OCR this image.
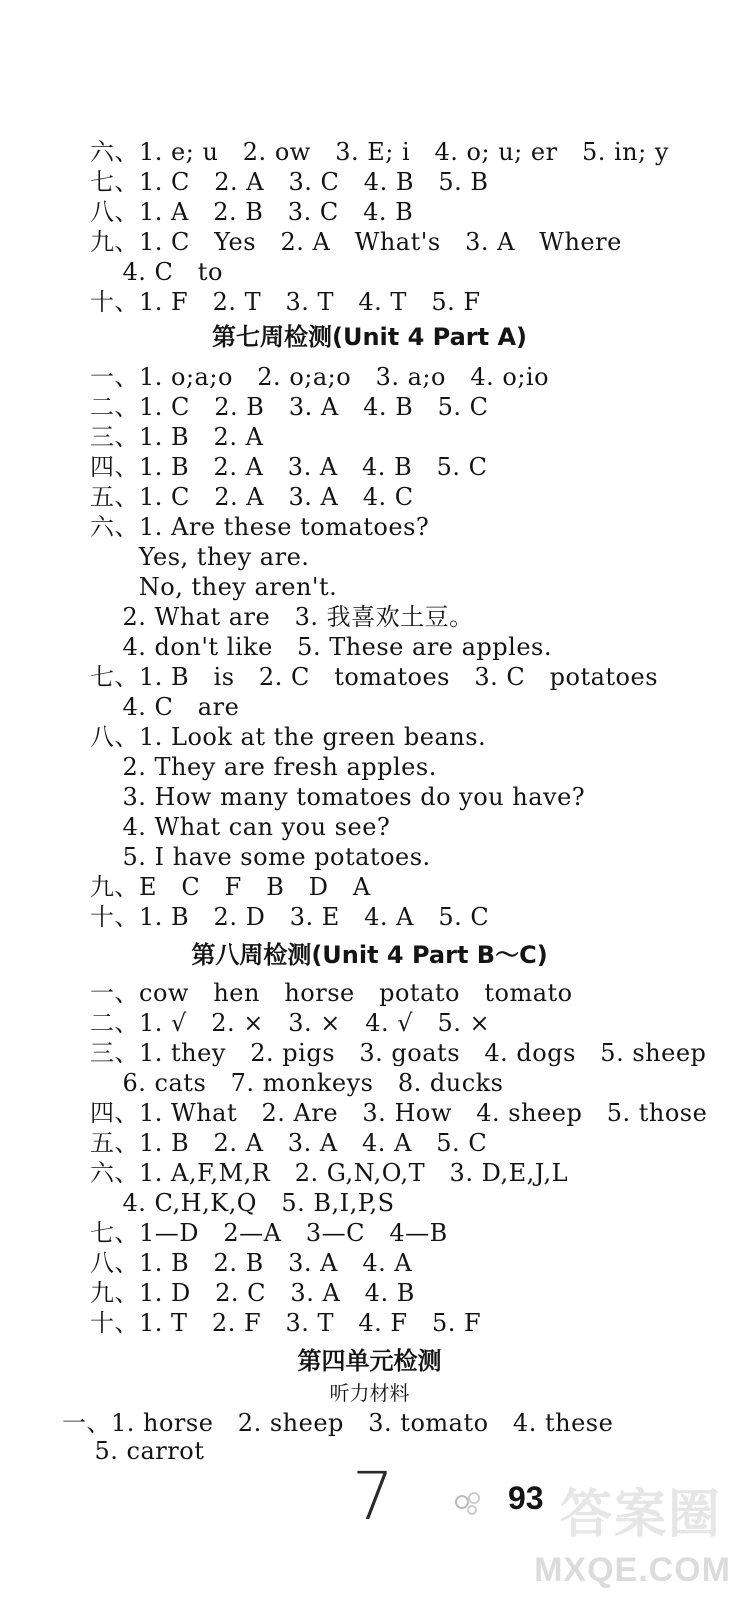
六、1. e; u   2. ow   3. E; i   4. o; u; er   5. in; y
七、1. C   2. A   3. C   4. B   5. B
八、1. A   2. B   3. C   4. B
九、1. C   Yes   2. A   What's   3. A   Where
4. C   to
十、1. F   2. T   3. T   4. T   5. F
第七周检测(Unit 4 Part A)
一、1. o;a;o   2. o;a;o   3. a;o   4. o;io
二、1. C   2. B   3. A   4. B   5. C
三、1. B   2. A
四、1. B   2. A   3. A   4. B   5. C
五、1. C   2. A   3. A   4. C
六、1. Are these tomatoes?
Yes, they are.
No, they aren't.
2. What are   3. 我喜欢土豆。
4. don't like   5. These are apples.
七、1. B   is   2. C   tomatoes   3. C   potatoes
4. C   are
八、1. Look at the green beans.
2. They are fresh apples.
3. How many tomatoes do you have?
4. What can you see?
5. I have some potatoes.
九、E   C   F   B   D   A
十、1. B   2. D   3. E   4. A   5. C
第八周检测(Unit 4 Part B～C)
一、cow   hen   horse   potato   tomato
二、1. √   2. ×   3. ×   4. √   5. ×
三、1. they   2. pigs   3. goats   4. dogs   5. sheep
6. cats   7. monkeys   8. ducks
四、1. What   2. Are   3. How   4. sheep   5. those
五、1. B   2. A   3. A   4. A   5. C
六、1. A,F,M,R   2. G,N,O,T   3. D,E,J,L
4. C,H,K,Q   5. B,I,P,S
七、1—D   2—A   3—C   4—B
八、1. B   2. B   3. A   4. A
九、1. D   2. C   3. A   4. B
十、1. T   2. F   3. T   4. F   5. F
第四单元检测
听力材料
一、1. horse   2. sheep   3. tomato   4. these
5. carrot
7	答案圈
93
MXQE.COM
